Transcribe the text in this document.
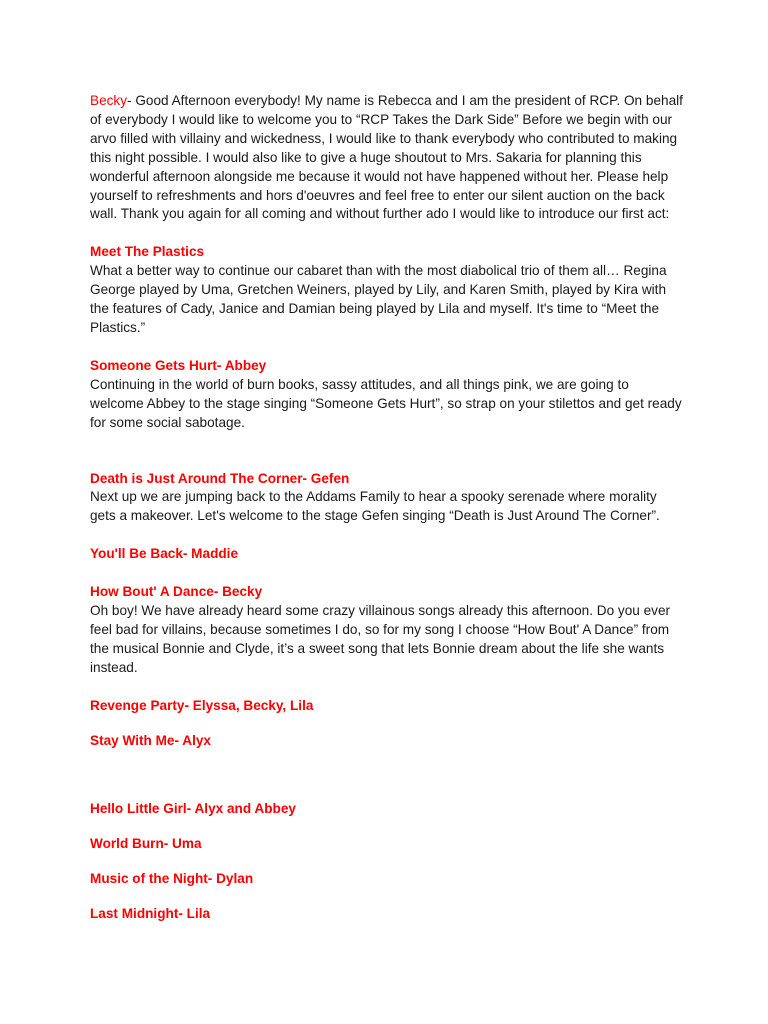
Becky- Good Afternoon everybody! My name is Rebecca and I am the president of RCP. On behalf of everybody I would like to welcome you to “RCP Takes the Dark Side” Before we begin with our arvo filled with villainy and wickedness, I would like to thank everybody who contributed to making this night possible. I would also like to give a huge shoutout to Mrs. Sakaria for planning this wonderful afternoon alongside me because it would not have happened without her. Please help yourself to refreshments and hors d'oeuvres and feel free to enter our silent auction on the back wall. Thank you again for all coming and without further ado I would like to introduce our first act:

Meet The Plastics

What a better way to continue our cabaret than with the most diabolical trio of them all… Regina George played by Uma, Gretchen Weiners, played by Lily, and Karen Smith, played by Kira with the features of Cady, Janice and Damian being played by Lila and myself. It's time to “Meet the Plastics.”

Someone Gets Hurt- Abbey

Continuing in the world of burn books, sassy attitudes, and all things pink, we are going to welcome Abbey to the stage singing “Someone Gets Hurt”, so strap on your stilettos and get ready for some social sabotage.

Death is Just Around The Corner- Gefen

Next up we are jumping back to the Addams Family to hear a spooky serenade where morality gets a makeover. Let's welcome to the stage Gefen singing “Death is Just Around The Corner”.

You'll Be Back- Maddie

How Bout' A Dance- Becky

Oh boy! We have already heard some crazy villainous songs already this afternoon. Do you ever feel bad for villains, because sometimes I do, so for my song I choose “How Bout' A Dance” from the musical Bonnie and Clyde, it’s a sweet song that lets Bonnie dream about the life she wants instead.

Revenge Party- Elyssa, Becky, Lila

Stay With Me- Alyx

Hello Little Girl- Alyx and Abbey

World Burn- Uma

Music of the Night- Dylan

Last Midnight- Lila
